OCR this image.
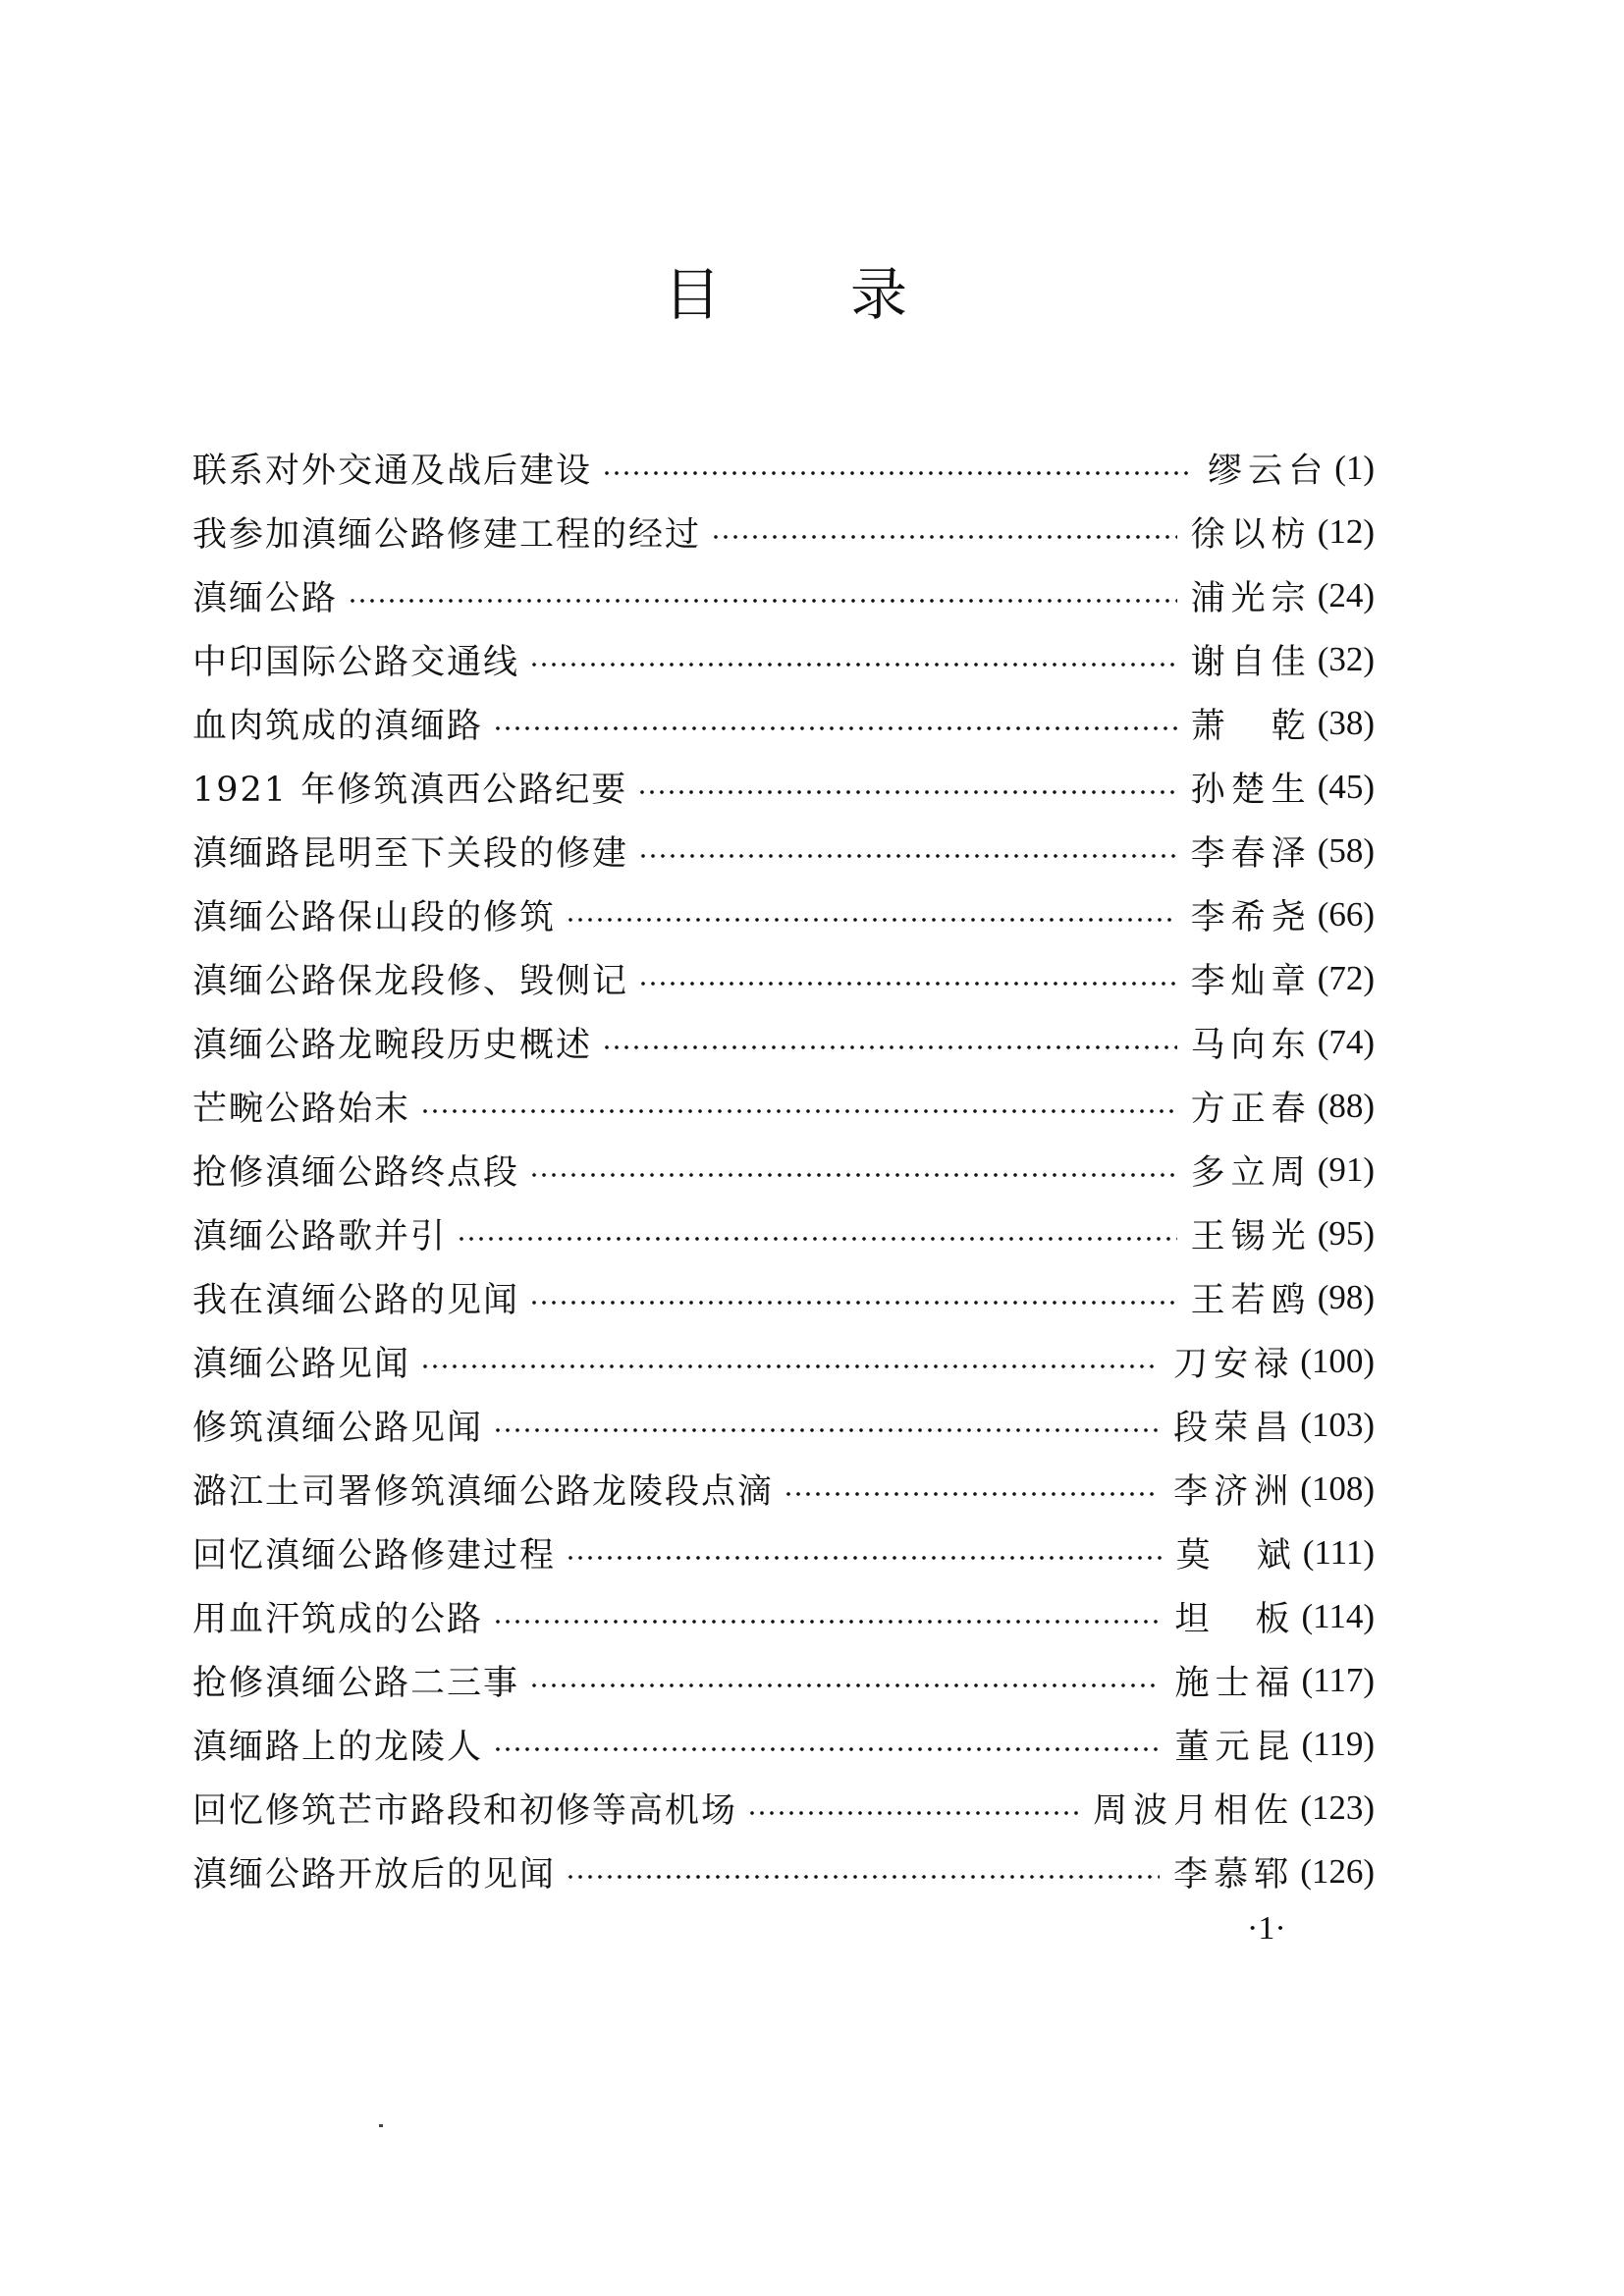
目 录
联系对外交通及战后建设	缪云台 (1)
我参加滇缅公路修建工程的经过	徐以枋 (12)
滇缅公路	浦光宗 (24)
中印国际公路交通线	谢自佳 (32)
血肉筑成的滇缅路	萧　乾 (38)
1921 年修筑滇西公路纪要	孙楚生 (45)
滇缅路昆明至下关段的修建	李春泽 (58)
滇缅公路保山段的修筑	李希尧 (66)
滇缅公路保龙段修、毁侧记	李灿章 (72)
滇缅公路龙畹段历史概述	马向东 (74)
芒畹公路始末	方正春 (88)
抢修滇缅公路终点段	多立周 (91)
滇缅公路歌并引	王锡光 (95)
我在滇缅公路的见闻	王若鸥 (98)
滇缅公路见闻	刀安禄 (100)
修筑滇缅公路见闻	段荣昌 (103)
潞江土司署修筑滇缅公路龙陵段点滴	李济洲 (108)
回忆滇缅公路修建过程	莫　斌 (111)
用血汗筑成的公路	坦　板 (114)
抢修滇缅公路二三事	施士福 (117)
滇缅路上的龙陵人	董元昆 (119)
回忆修筑芒市路段和初修等高机场	周波月相佐 (123)
滇缅公路开放后的见闻	李慕郓 (126)
·1·
